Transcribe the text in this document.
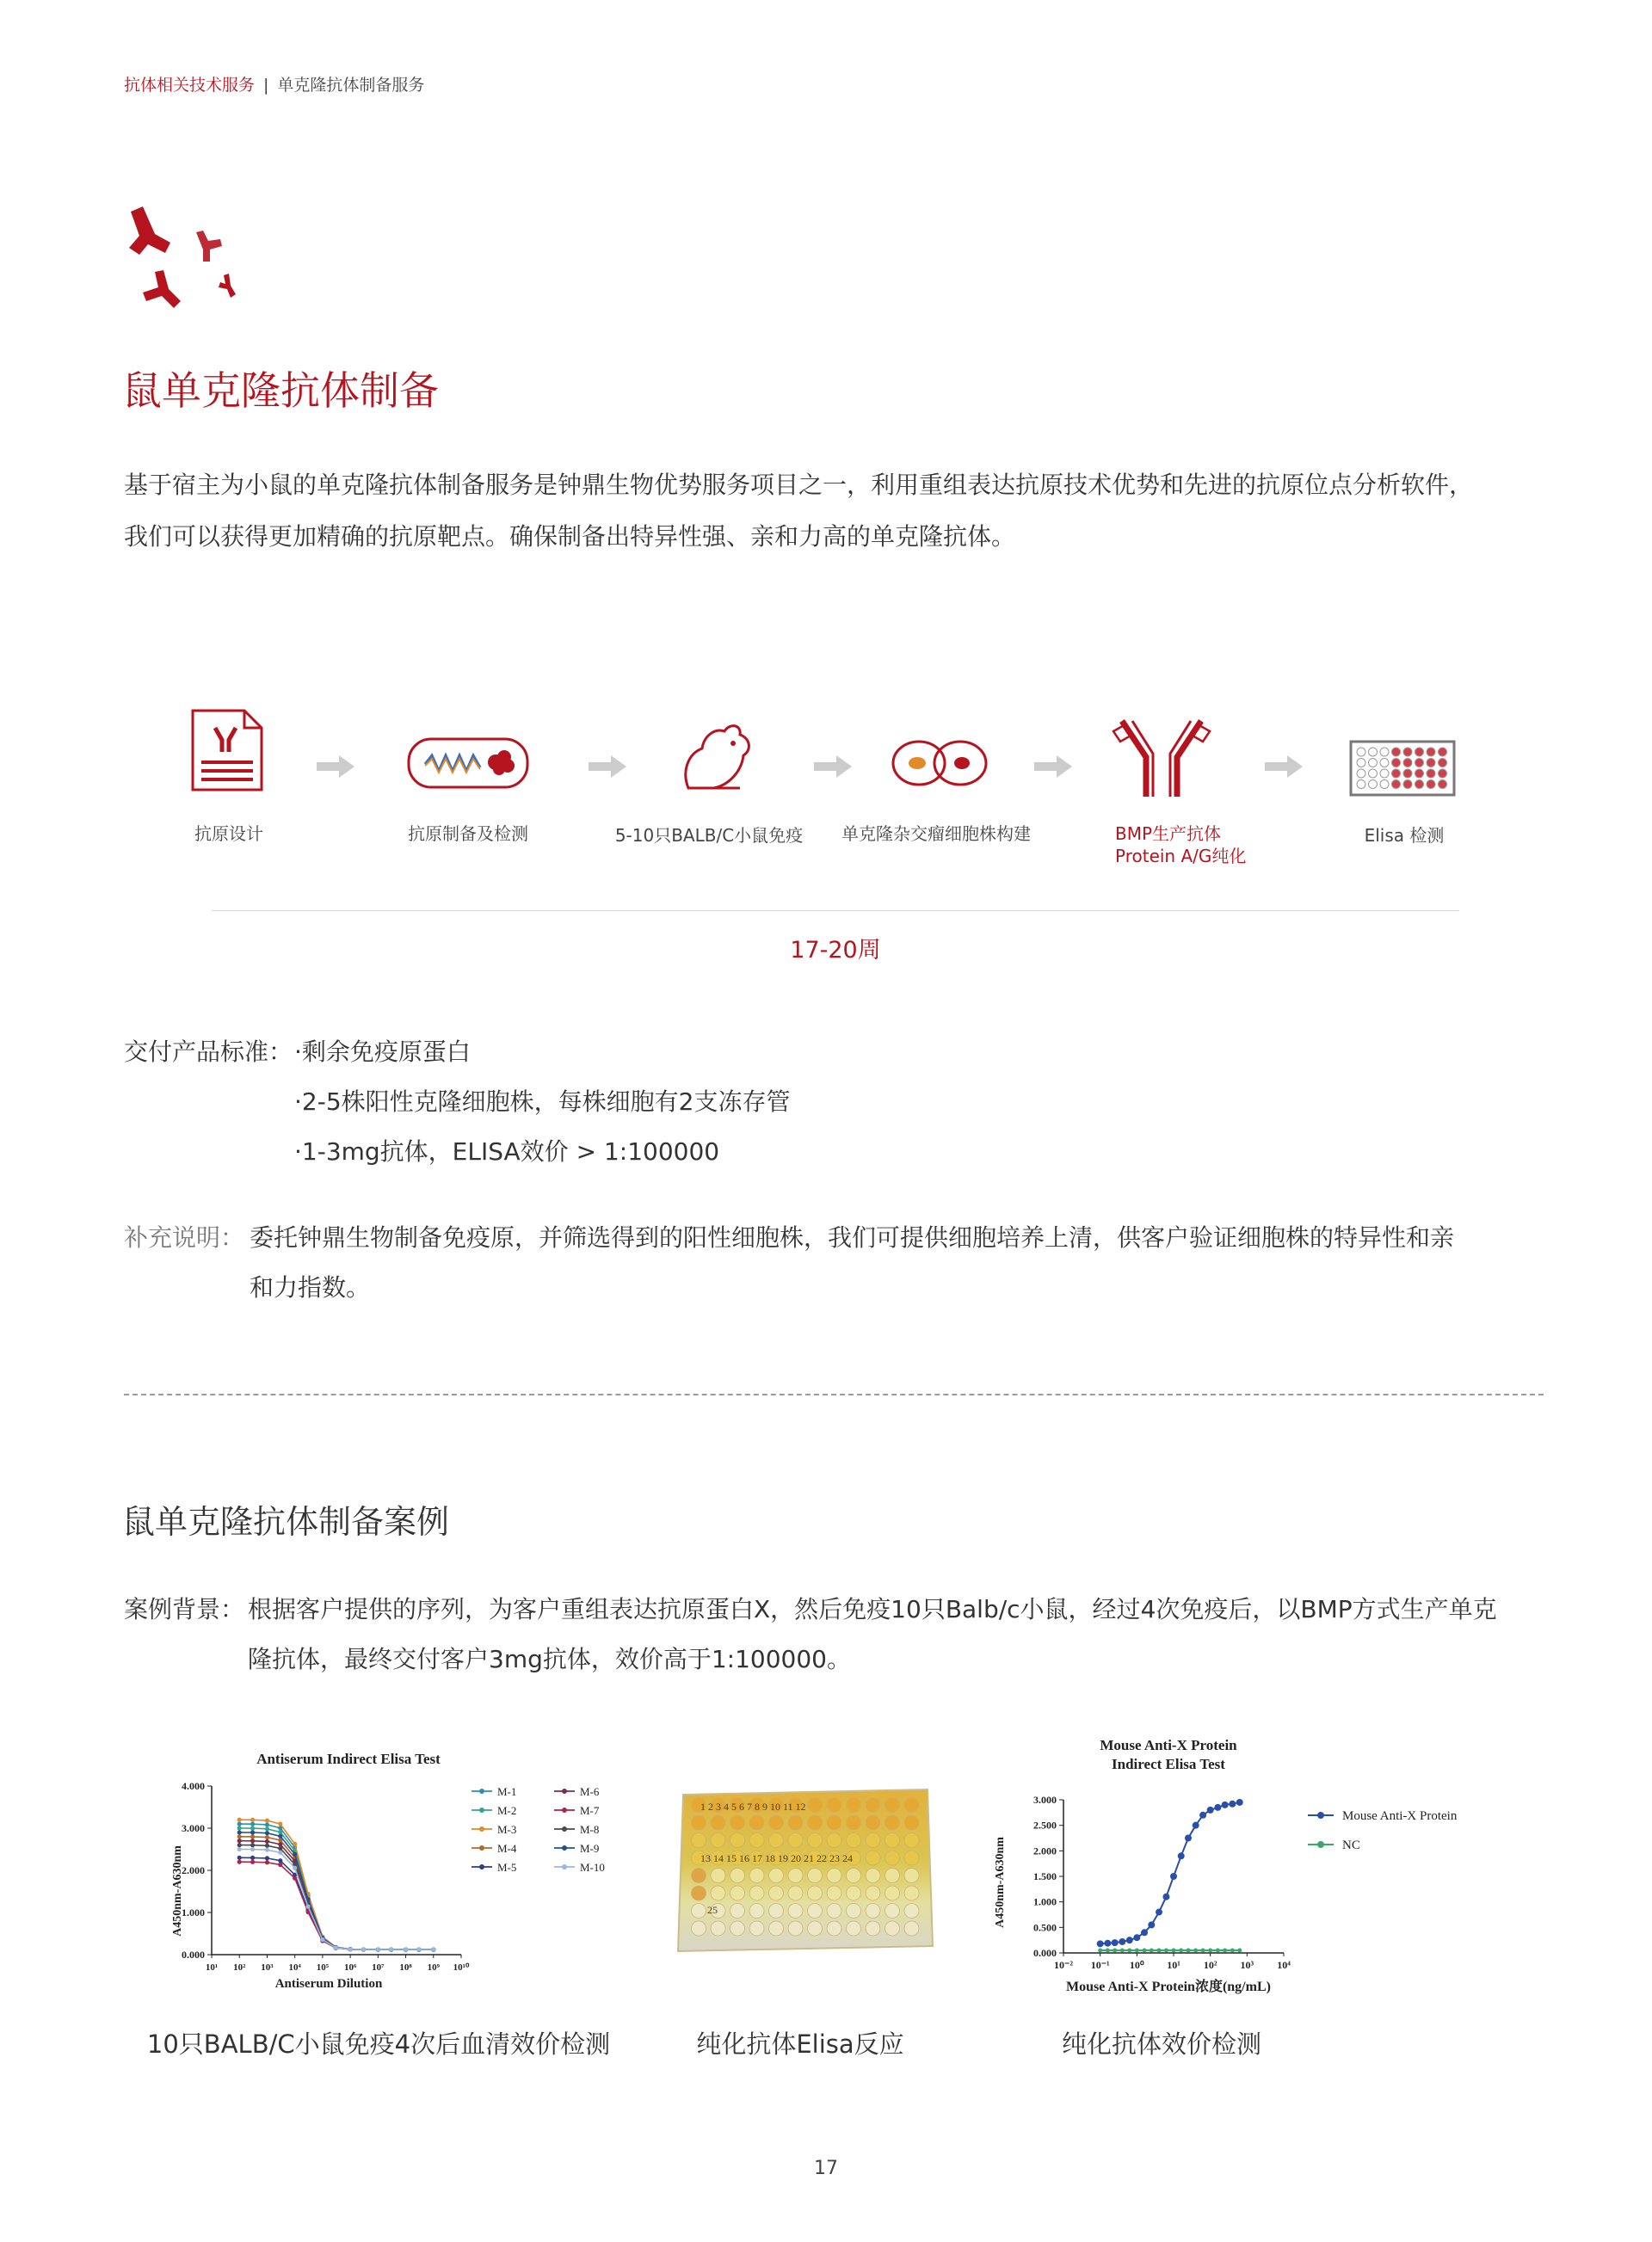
抗体相关技术服务 | 单克隆抗体制备服务
鼠单克隆抗体制备
基于宿主为小鼠的单克隆抗体制备服务是钟鼎生物优势服务项目之一，利用重组表达抗原技术优势和先进的抗原位点分析软件，
我们可以获得更加精确的抗原靶点。确保制备出特异性强、亲和力高的单克隆抗体。
抗原设计	抗原制备及检测	5-10只BALB/C小鼠免疫	单克隆杂交瘤细胞株构建	BMP生产抗体
Protein A/G纯化
Elisa 检测
17-20周
交付产品标准： ·剩余免疫原蛋白
·2-5株阳性克隆细胞株，每株细胞有2支冻存管
·1-3mg抗体，ELISA效价 > 1:100000
补充说明： 委托钟鼎生物制备免疫原，并筛选得到的阳性细胞株，我们可提供细胞培养上清，供客户验证细胞株的特异性和亲
和力指数。
鼠单克隆抗体制备案例
案例背景： 根据客户提供的序列，为客户重组表达抗原蛋白X，然后免疫10只Balb/c小鼠，经过4次免疫后，以BMP方式生产单克
隆抗体，最终交付客户3mg抗体，效价高于1:100000。
Antiserum Indirect Elisa Test
A450nm-A630nm
Antiserum Dilution
0.000
1.000
2.000
3.000
4.000
10¹ 10² 10³ 10⁴ 10⁵ 10⁶ 10⁷ 10⁸ 10⁹ 10¹⁰
M-1
M-2
M-3
M-4
M-5
M-6
M-7
M-8
M-9
M-10
1 2 3 4 5 6 7 8 9 10 11 12
13 14 15 16 17 18 19 20 21 22 23 24
25
Mouse Anti-X Protein
Indirect Elisa Test
A450nm-A630nm
Mouse Anti-X Protein浓度(ng/mL)
0.000
0.500
1.000
1.500
2.000
2.500
3.000
10⁻² 10⁻¹ 10⁰ 10¹ 10² 10³ 10⁴
Mouse Anti-X Protein
NC
10只BALB/C小鼠免疫4次后血清效价检测	纯化抗体Elisa反应	纯化抗体效价检测
17
